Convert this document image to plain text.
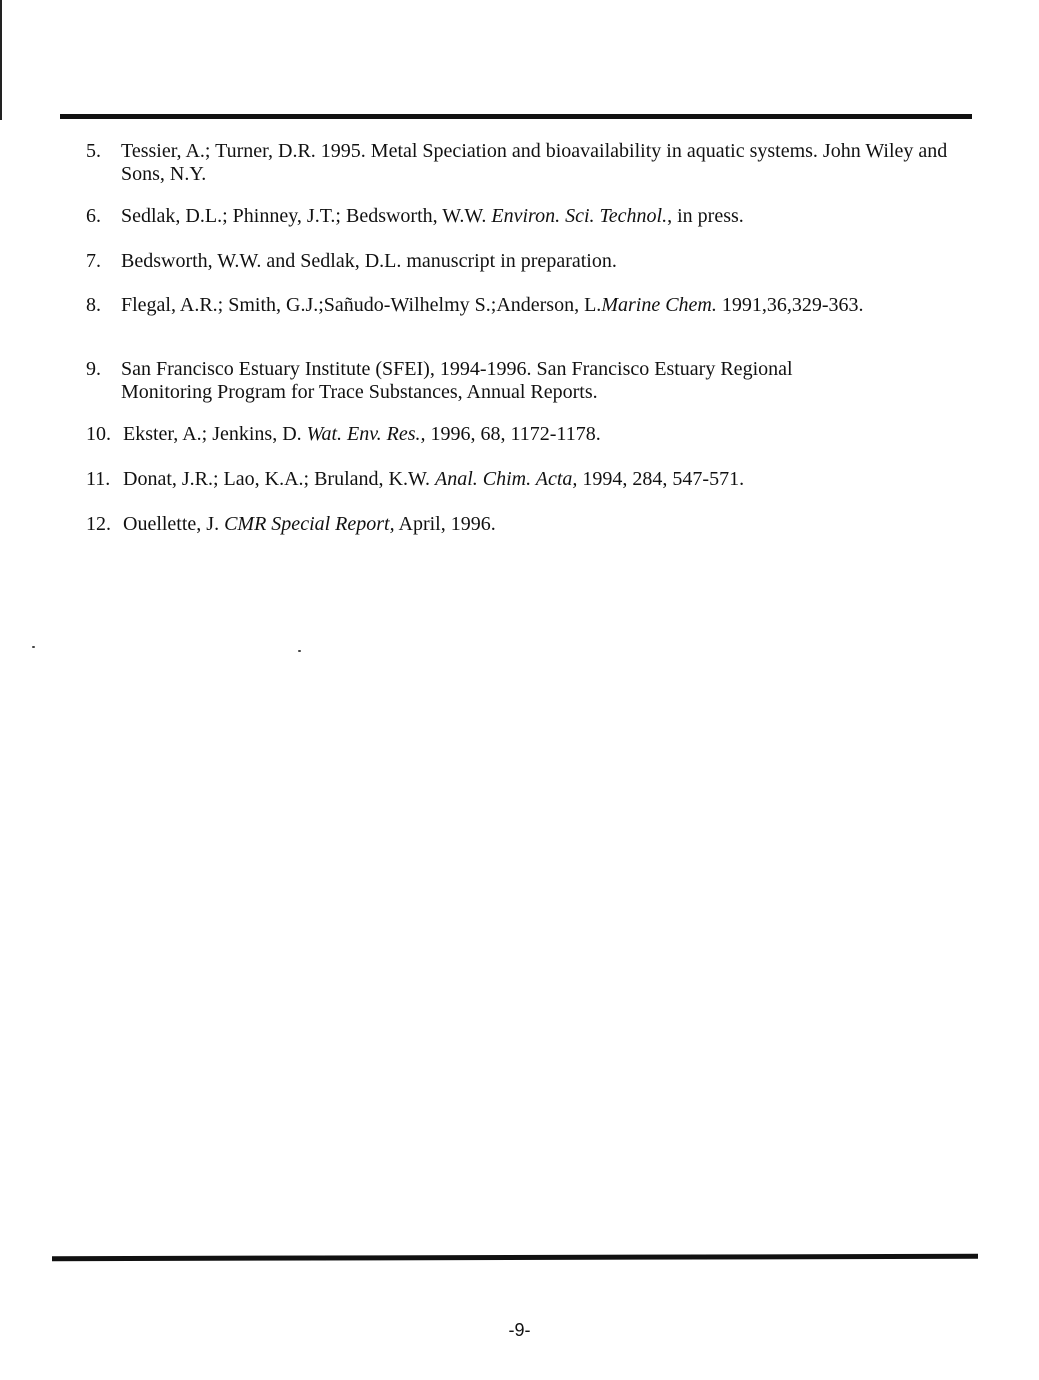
5. Tessier, A.; Turner, D.R. 1995. Metal Speciation and bioavailability in aquatic systems. John Wiley and Sons, N.Y.
6. Sedlak, D.L.; Phinney, J.T.; Bedsworth, W.W. Environ. Sci. Technol., in press.
7. Bedsworth, W.W. and Sedlak, D.L. manuscript in preparation.
8. Flegal, A.R.; Smith, G.J.;Sañudo-Wilhelmy S.;Anderson, L.Marine Chem. 1991,36,329-363.
9. San Francisco Estuary Institute (SFEI), 1994-1996. San Francisco Estuary Regional Monitoring Program for Trace Substances, Annual Reports.
10. Ekster, A.; Jenkins, D. Wat. Env. Res., 1996, 68, 1172-1178.
11. Donat, J.R.; Lao, K.A.; Bruland, K.W. Anal. Chim. Acta, 1994, 284, 547-571.
12. Ouellette, J. CMR Special Report, April, 1996.
-9-
